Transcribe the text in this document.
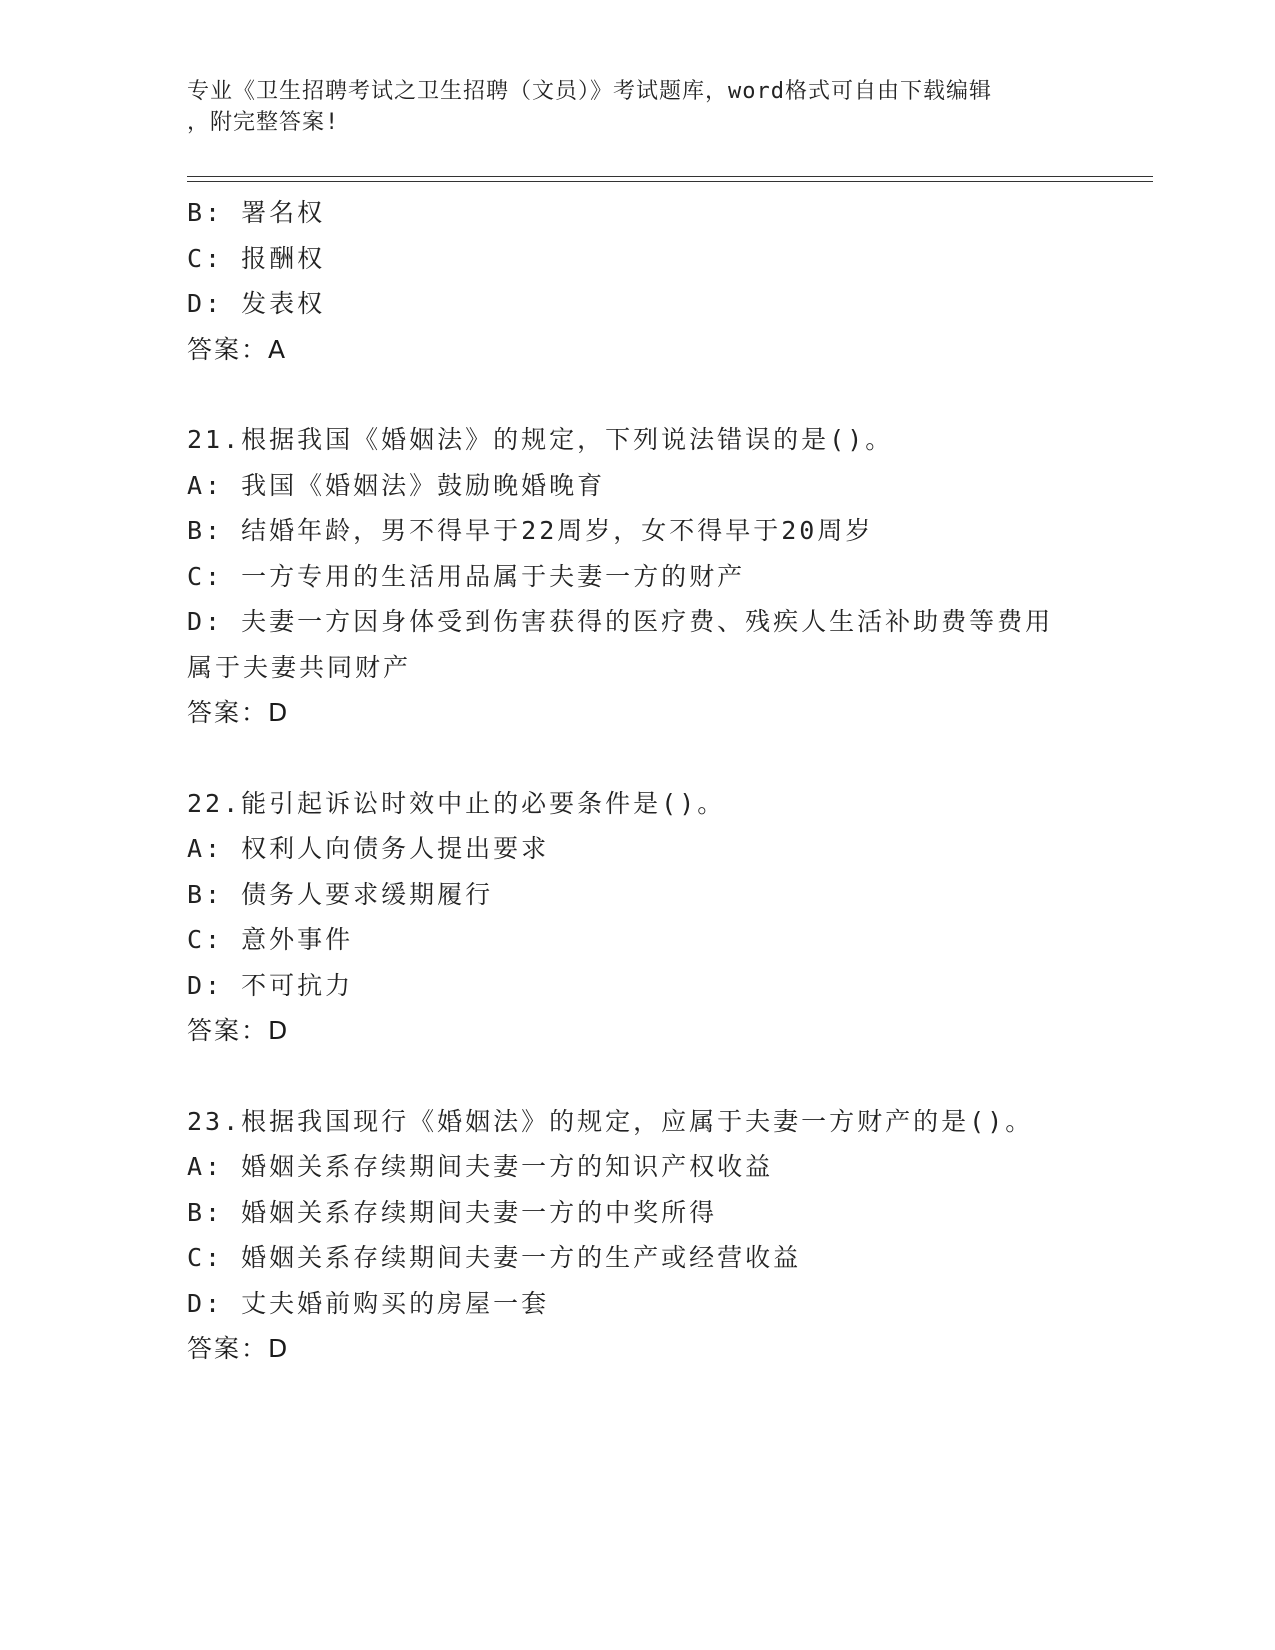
专业《卫生招聘考试之卫生招聘（文员）》考试题库，word格式可自由下载编辑
，附完整答案!
B: 署名权
C: 报酬权
D: 发表权
答案：A
21.根据我国《婚姻法》的规定，下列说法错误的是()。
A: 我国《婚姻法》鼓励晚婚晚育
B: 结婚年龄，男不得早于22周岁，女不得早于20周岁
C: 一方专用的生活用品属于夫妻一方的财产
D: 夫妻一方因身体受到伤害获得的医疗费、残疾人生活补助费等费用属于夫妻共同财产
答案：D
22.能引起诉讼时效中止的必要条件是()。
A: 权利人向债务人提出要求
B: 债务人要求缓期履行
C: 意外事件
D: 不可抗力
答案：D
23.根据我国现行《婚姻法》的规定，应属于夫妻一方财产的是()。
A: 婚姻关系存续期间夫妻一方的知识产权收益
B: 婚姻关系存续期间夫妻一方的中奖所得
C: 婚姻关系存续期间夫妻一方的生产或经营收益
D: 丈夫婚前购买的房屋一套
答案：D
